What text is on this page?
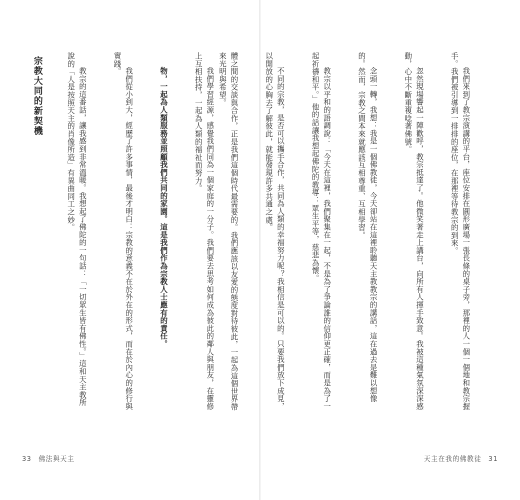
我們學習經源，感覺我們同為一個家庭的一分子。我們要去思考如何成為彼此的鄰人與朋友，在靈修上互相扶持，一起為人類的福祉而努力。

物，一起為人類服務並照顧我們共同的家園。這是我們作為宗教人士應有的責任。

我們從小到大，經歷了許多事情，最後才明白：宗教的意義不在於外在的形式，而在於內心的修行與實踐。

教宗的這番話，讓我感到非常溫暖。我想起了佛陀的一句話：「一切眾生皆有佛性。」這和天主教所說的「人是按照天主的肖像所造」有異曲同工之妙。

宗教大同的新契機

33 佛法與天主

我們來到了教宗演講的平台，座位安排在圓形廣場一張長條的桌子旁，那裡的人一個一個地和教宗握手。我們被引導到一排排的座位，在那裡等待教宗的到來。

忽然現場響起一陣歡呼，教宗抵達了。他微笑著走上講台，向所有人揮手致意。我被這種氣氛深深感動，心中不斷重複唸著佛號。

念頭一轉，我想：我是一個佛教徒，今天卻站在這裡聆聽天主教教宗的講話，這在過去是難以想像的。然而，宗教之間本來就應該互相尊重、互相學習。

教宗以平和的語調說：「今天在這裡，我們聚集在一起，不是為了爭論誰的信仰更正確，而是為了一起祈禱和平。」他的話讓我想起佛陀的教導：眾生平等，慈悲為懷。

不同的宗教，是否可以攜手合作，共同為人類的幸福努力呢？我相信是可以的。只要我們放下成見，以開放的心胸去了解彼此，就能發現許多共通之處。

體之間的交談與合作，正是我們這個時代最需要的。我們應該以友愛的態度對待彼此，一起為這個世界帶來光明與希望。

天主在我的佛教徒 31
